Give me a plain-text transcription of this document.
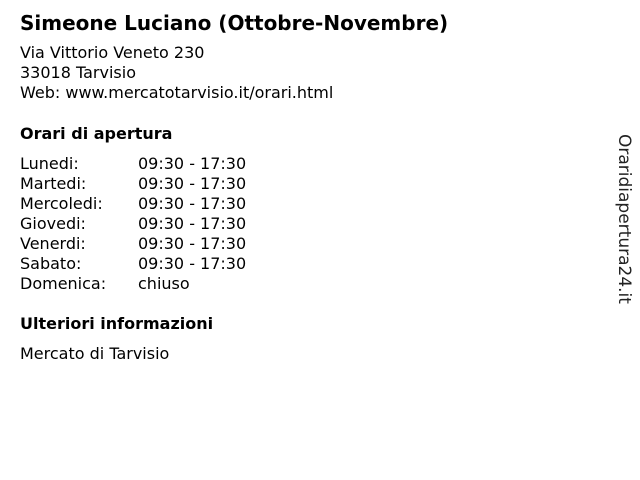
Simeone Luciano (Ottobre-Novembre)
Via Vittorio Veneto 230
33018 Tarvisio
Web: www.mercatotarvisio.it/orari.html
Orari di apertura
Lunedi:	09:30 - 17:30
Martedi:	09:30 - 17:30
Mercoledi:	09:30 - 17:30
Giovedi:	09:30 - 17:30
Venerdi:	09:30 - 17:30
Sabato:	09:30 - 17:30
Domenica:	chiuso
Ulteriori informazioni
Mercato di Tarvisio
Oraridiapertura24.it
